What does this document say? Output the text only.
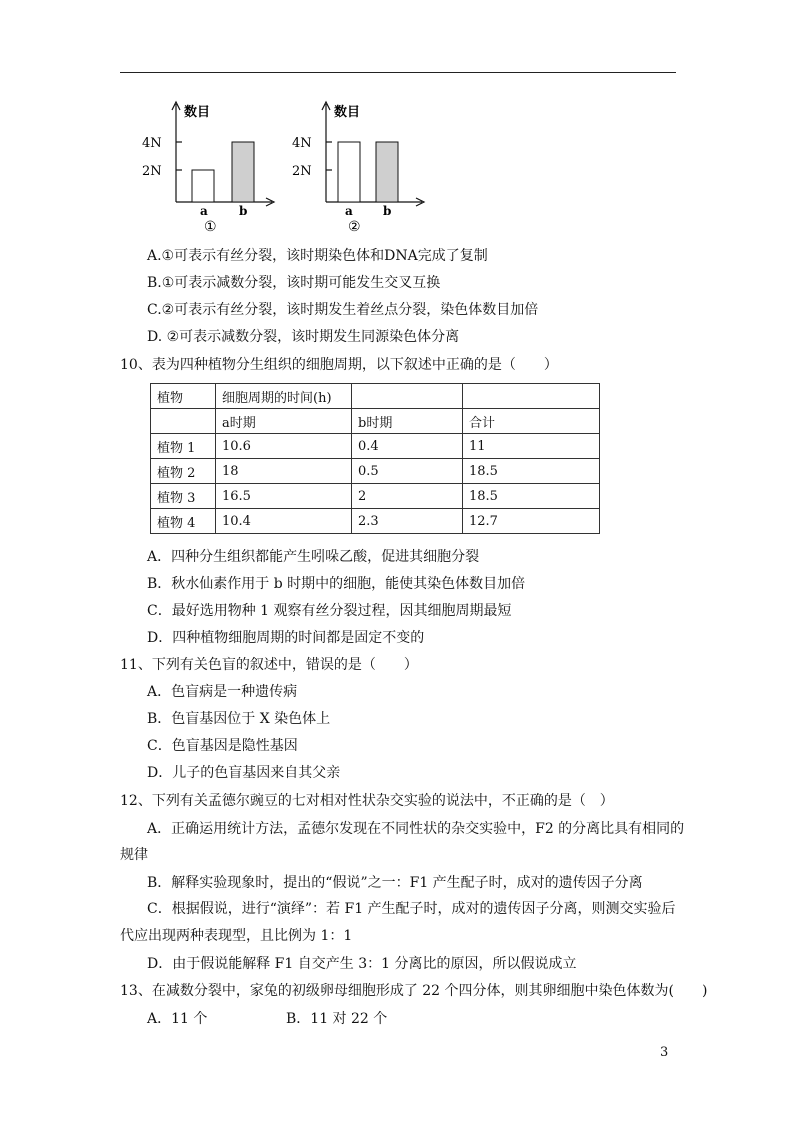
数目
4N
2N
a	b
①
数目
4N
2N
a	b
②
A.①可表示有丝分裂，该时期染色体和DNA完成了复制
B.①可表示减数分裂，该时期可能发生交叉互换
C.②可表示有丝分裂，该时期发生着丝点分裂，染色体数目加倍
D. ②可表示减数分裂，该时期发生同源染色体分离
10、表为四种植物分生组织的细胞周期，以下叙述中正确的是（　　）
植物	细胞周期的时间(h)		
	a时期	b时期	合计
植物 1	10.6	0.4	11
植物 2	18	0.5	18.5
植物 3	16.5	2	18.5
植物 4	10.4	2.3	12.7
A．四种分生组织都能产生吲哚乙酸，促进其细胞分裂
B．秋水仙素作用于 b 时期中的细胞，能使其染色体数目加倍
C．最好选用物种 1 观察有丝分裂过程，因其细胞周期最短
D．四种植物细胞周期的时间都是固定不变的
11、下列有关色盲的叙述中，错误的是（　　）
A．色盲病是一种遗传病
B．色盲基因位于 X 染色体上
C．色盲基因是隐性基因
D．儿子的色盲基因来自其父亲
12、下列有关孟德尔豌豆的七对相对性状杂交实验的说法中，不正确的是（　）
A．正确运用统计方法，孟德尔发现在不同性状的杂交实验中，F2 的分离比具有相同的
规律
B．解释实验现象时，提出的“假说”之一：F1 产生配子时，成对的遗传因子分离
C．根据假说，进行“演绎”：若 F1 产生配子时，成对的遗传因子分离，则测交实验后
代应出现两种表现型，且比例为 1：1
D．由于假说能解释 F1 自交产生 3：1 分离比的原因，所以假说成立
13、在减数分裂中，家兔的初级卵母细胞形成了 22 个四分体，则其卵细胞中染色体数为(　　)
A．11 个	B．11 对 22 个
3
